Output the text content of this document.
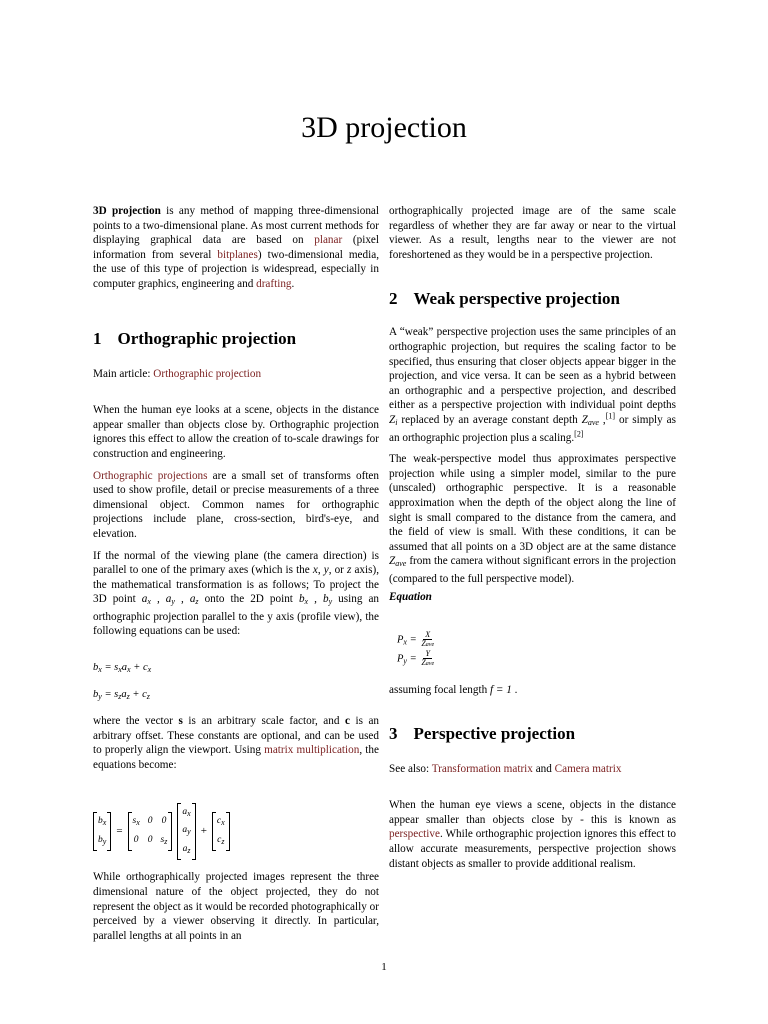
3D projection

3D projection is any method of mapping three-dimensional points to a two-dimensional plane. As most current methods for displaying graphical data are based on planar (pixel information from several bitplanes) two-dimensional media, the use of this type of projection is widespread, especially in computer graphics, engineering and drafting.

1 Orthographic projection

Main article: Orthographic projection

When the human eye looks at a scene, objects in the distance appear smaller than objects close by. Orthographic projection ignores this effect to allow the creation of to-scale drawings for construction and engineering.

Orthographic projections are a small set of transforms often used to show profile, detail or precise measurements of a three dimensional object. Common names for orthographic projections include plane, cross-section, bird's-eye, and elevation.

If the normal of the viewing plane (the camera direction) is parallel to one of the primary axes (which is the x, y, or z axis), the mathematical transformation is as follows; To project the 3D point $a_x$ , $a_y$ , $a_z$ onto the 2D point $b_x$ , $b_y$ using an orthographic projection parallel to the y axis (profile view), the following equations can be used:

$b_x = s_xa_x + c_x$
$b_y = s_za_z + c_z$

where the vector s is an arbitrary scale factor, and c is an arbitrary offset. These constants are optional, and can be used to properly align the viewport. Using matrix multiplication, the equations become:

$b_x$
$b_y$
=
$s_x$ 0 0
0 0 $s_z$
$a_x$
$a_y$
$a_z$
+
$c_x$
$c_z$

While orthographically projected images represent the three dimensional nature of the object projected, they do not represent the object as it would be recorded photographically or perceived by a viewer observing it directly. In particular, parallel lengths at all points in an

orthographically projected image are of the same scale regardless of whether they are far away or near to the virtual viewer. As a result, lengths near to the viewer are not foreshortened as they would be in a perspective projection.

2 Weak perspective projection

A “weak” perspective projection uses the same principles of an orthographic projection, but requires the scaling factor to be specified, thus ensuring that closer objects appear bigger in the projection, and vice versa. It can be seen as a hybrid between an orthographic and a perspective projection, and described either as a perspective projection with individual point depths $Z_i$ replaced by an average constant depth $Z_{ave}$ ,[1] or simply as an orthographic projection plus a scaling.[2]

The weak-perspective model thus approximates perspective projection while using a simpler model, similar to the pure (unscaled) orthographic perspective. It is a reasonable approximation when the depth of the object along the line of sight is small compared to the distance from the camera, and the field of view is small. With these conditions, it can be assumed that all points on a 3D object are at the same distance $Z_{ave}$ from the camera without significant errors in the projection (compared to the full perspective model).

Equation

$P_x = \frac{X}{\text{Zave}}$
$P_y = \frac{Y}{\text{Zave}}$

assuming focal length f = 1 .

3 Perspective projection

See also: Transformation matrix and Camera matrix

When the human eye views a scene, objects in the distance appear smaller than objects close by - this is known as perspective. While orthographic projection ignores this effect to allow accurate measurements, perspective projection shows distant objects as smaller to provide additional realism.

1
